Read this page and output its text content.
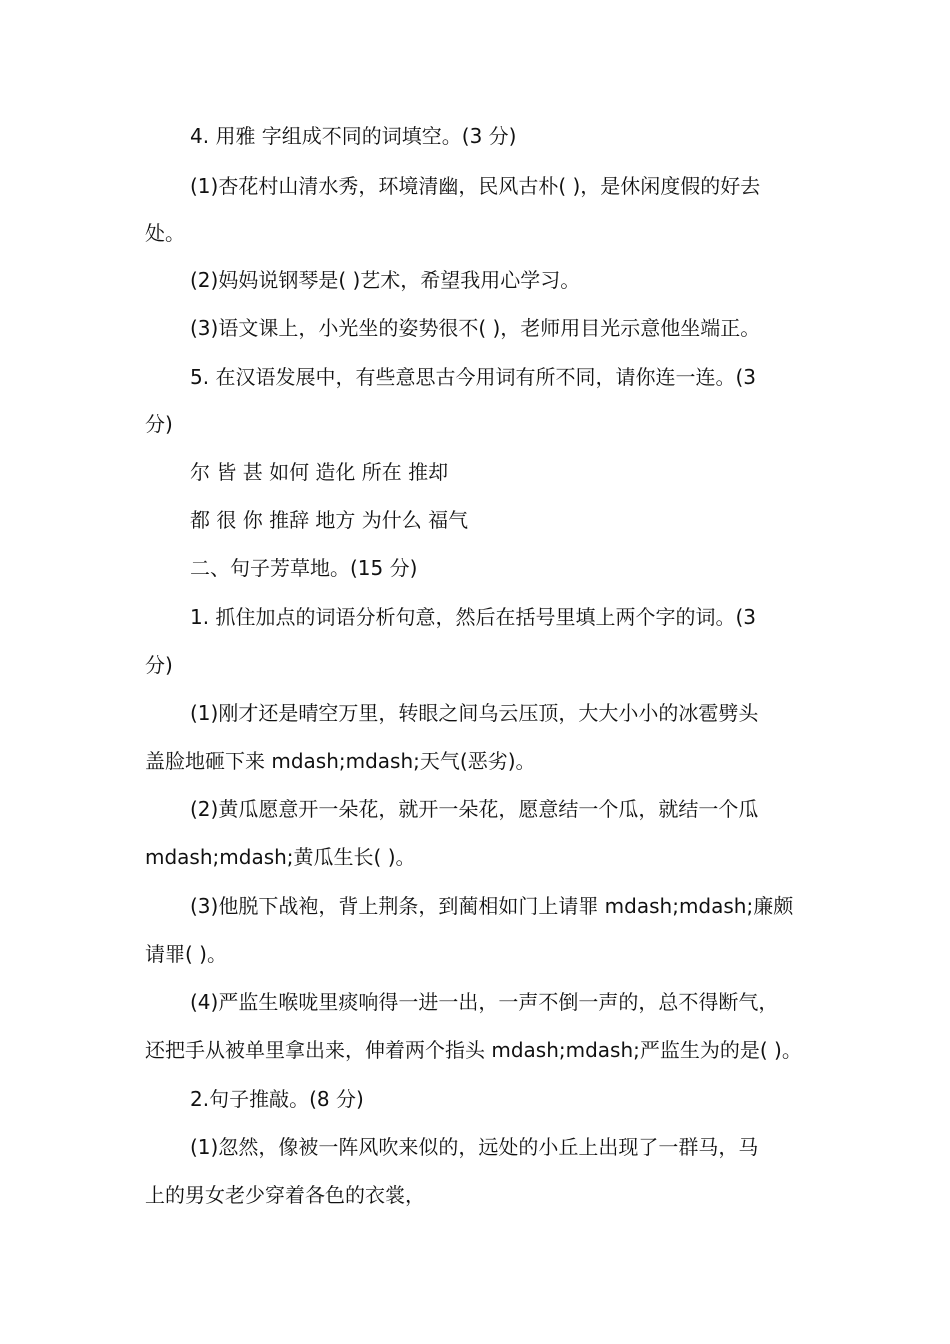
4. 用雅 字组成不同的词填空。(3 分)
(1)杏花村山清水秀，环境清幽，民风古朴( )，是休闲度假的好去
处。
(2)妈妈说钢琴是( )艺术，希望我用心学习。
(3)语文课上，小光坐的姿势很不( )，老师用目光示意他坐端正。
5. 在汉语发展中，有些意思古今用词有所不同，请你连一连。(3
分)
尔 皆 甚 如何 造化 所在 推却
都 很 你 推辞 地方 为什么 福气
二、句子芳草地。(15 分)
1. 抓住加点的词语分析句意，然后在括号里填上两个字的词。(3
分)
(1)刚才还是晴空万里，转眼之间乌云压顶，大大小小的冰雹劈头
盖脸地砸下来 mdash;mdash;天气(恶劣)。
(2)黄瓜愿意开一朵花，就开一朵花，愿意结一个瓜，就结一个瓜
mdash;mdash;黄瓜生长( )。
(3)他脱下战袍，背上荆条，到蔺相如门上请罪 mdash;mdash;廉颇
请罪( )。
(4)严监生喉咙里痰响得一进一出，一声不倒一声的，总不得断气，
还把手从被单里拿出来，伸着两个指头 mdash;mdash;严监生为的是( )。
2.句子推敲。(8 分)
(1)忽然，像被一阵风吹来似的，远处的小丘上出现了一群马，马
上的男女老少穿着各色的衣裳，
